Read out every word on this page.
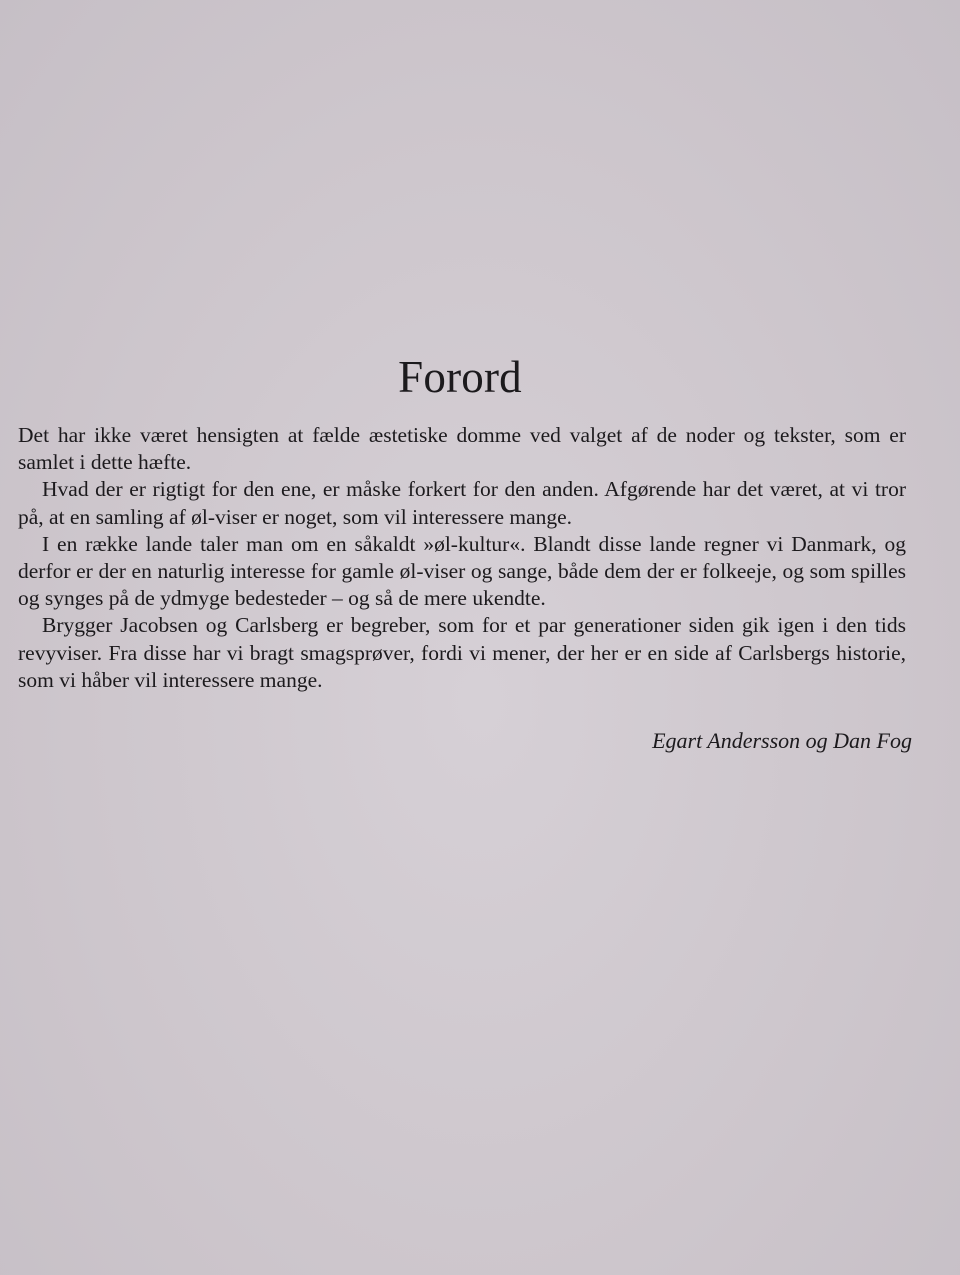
Forord

Det har ikke været hensigten at fælde æstetiske domme ved valget af de noder og tekster, som er samlet i dette hæfte.

Hvad der er rigtigt for den ene, er måske forkert for den anden. Afgørende har det været, at vi tror på, at en samling af øl-viser er noget, som vil interessere mange.

I en række lande taler man om en såkaldt »øl-kultur«. Blandt disse lande regner vi Danmark, og derfor er der en naturlig interesse for gamle øl-viser og sange, både dem der er folkeeje, og som spilles og synges på de ydmyge bedesteder – og så de mere ukendte.

Brygger Jacobsen og Carlsberg er begreber, som for et par generationer siden gik igen i den tids revyviser. Fra disse har vi bragt smagsprøver, fordi vi mener, der her er en side af Carlsbergs historie, som vi håber vil interessere mange.

Egart Andersson og Dan Fog
